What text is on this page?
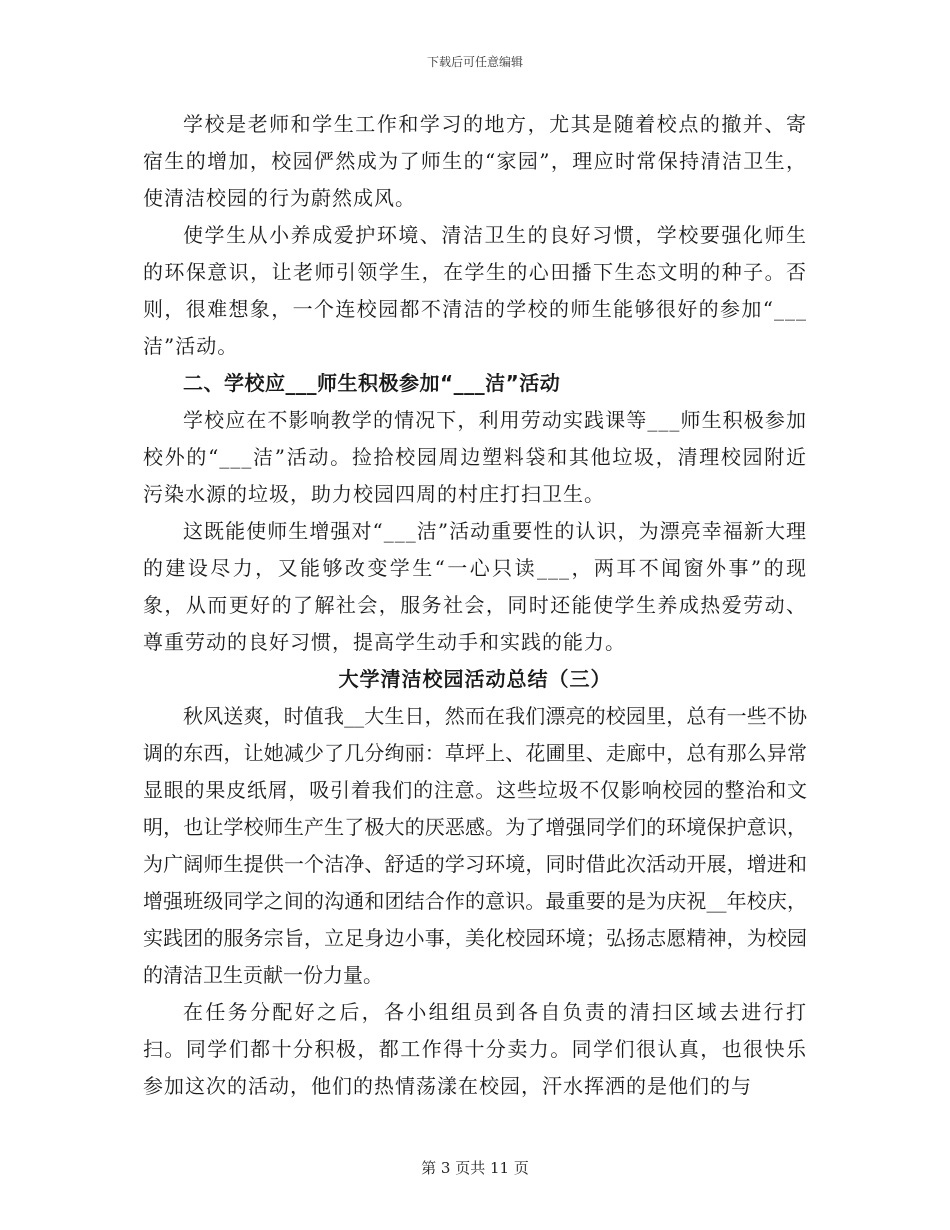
下载后可任意编辑

学校是老师和学生工作和学习的地方，尤其是随着校点的撤并、寄宿生的增加，校园俨然成为了师生的“家园”，理应时常保持清洁卫生，使清洁校园的行为蔚然成风。

使学生从小养成爱护环境、清洁卫生的良好习惯，学校要强化师生的环保意识，让老师引领学生，在学生的心田播下生态文明的种子。否则，很难想象，一个连校园都不清洁的学校的师生能够很好的参加“___洁”活动。

二、学校应___师生积极参加“___洁”活动

学校应在不影响教学的情况下，利用劳动实践课等___师生积极参加校外的“___洁”活动。捡拾校园周边塑料袋和其他垃圾，清理校园附近污染水源的垃圾，助力校园四周的村庄打扫卫生。

这既能使师生增强对“___洁”活动重要性的认识，为漂亮幸福新大理的建设尽力，又能够改变学生“一心只读___，两耳不闻窗外事”的现象，从而更好的了解社会，服务社会，同时还能使学生养成热爱劳动、尊重劳动的良好习惯，提高学生动手和实践的能力。

大学清洁校园活动总结（三）

秋风送爽，时值我__大生日，然而在我们漂亮的校园里，总有一些不协调的东西，让她减少了几分绚丽：草坪上、花圃里、走廊中，总有那么异常显眼的果皮纸屑，吸引着我们的注意。这些垃圾不仅影响校园的整治和文明，也让学校师生产生了极大的厌恶感。为了增强同学们的环境保护意识，为广阔师生提供一个洁净、舒适的学习环境，同时借此次活动开展，增进和增强班级同学之间的沟通和团结合作的意识。最重要的是为庆祝__年校庆，实践团的服务宗旨，立足身边小事，美化校园环境；弘扬志愿精神，为校园的清洁卫生贡献一份力量。

在任务分配好之后，各小组组员到各自负责的清扫区域去进行打扫。同学们都十分积极，都工作得十分卖力。同学们很认真，也很快乐参加这次的活动，他们的热情荡漾在校园，汗水挥洒的是他们的与

第 3 页共 11 页
